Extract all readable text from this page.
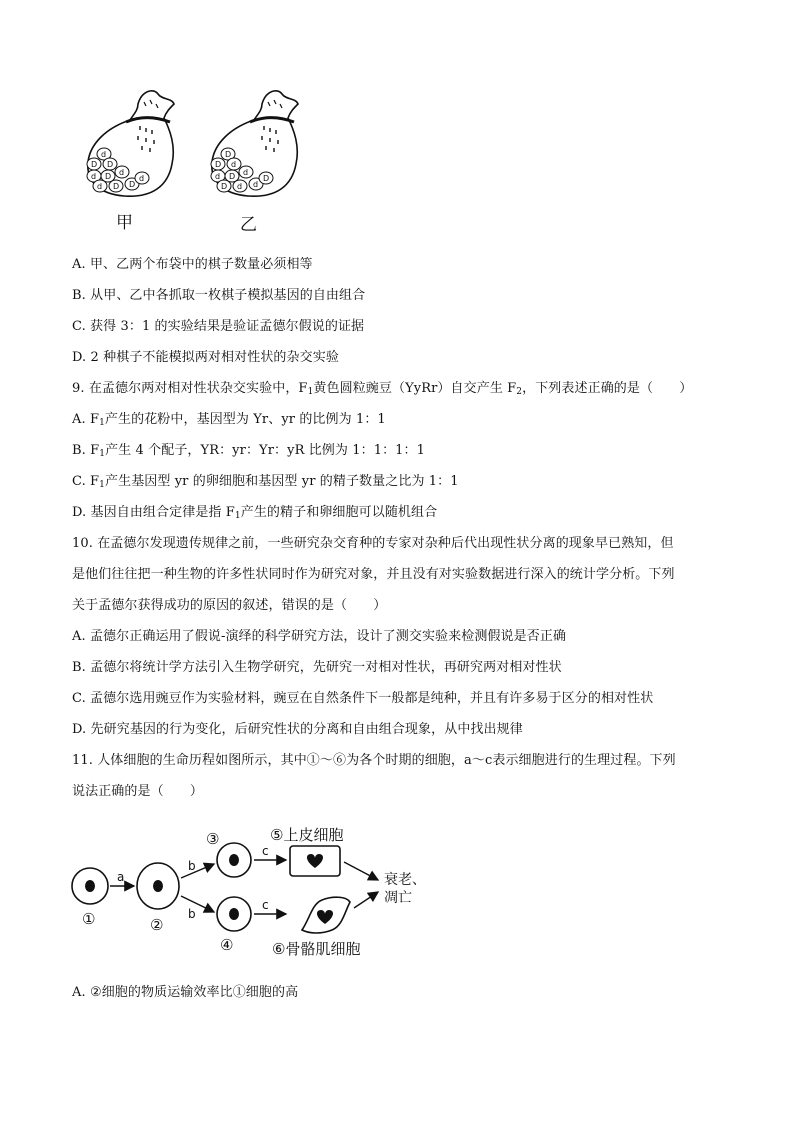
d
D D
d D d
d D D
d
甲
D
D d
d D d
D d d
D
乙
A. 甲、乙两个布袋中的棋子数量必须相等
B. 从甲、乙中各抓取一枚棋子模拟基因的自由组合
C. 获得 3：1 的实验结果是验证孟德尔假说的证据
D. 2 种棋子不能模拟两对相对性状的杂交实验
9. 在孟德尔两对相对性状杂交实验中，$F_1$黄色圆粒豌豆（YyRr）自交产生 $F_2$，下列表述正确的是（　　）
A. $F_1$产生的花粉中，基因型为 Yr、yr 的比例为 1：1
B. $F_1$产生 4 个配子，YR：yr：Yr：yR 比例为 1：1：1：1
C. $F_1$产生基因型 yr 的卵细胞和基因型 yr 的精子数量之比为 1：1
D. 基因自由组合定律是指 $F_1$产生的精子和卵细胞可以随机组合
10. 在孟德尔发现遗传规律之前，一些研究杂交育种的专家对杂种后代出现性状分离的现象早已熟知，但
是他们往往把一种生物的许多性状同时作为研究对象，并且没有对实验数据进行深入的统计学分析。下列
关于孟德尔获得成功的原因的叙述，错误的是（　　）
A. 孟德尔正确运用了假说-演绎的科学研究方法，设计了测交实验来检测假说是否正确
B. 孟德尔将统计学方法引入生物学研究，先研究一对相对性状，再研究两对相对性状
C. 孟德尔选用豌豆作为实验材料，豌豆在自然条件下一般都是纯种，并且有许多易于区分的相对性状
D. 先研究基因的行为变化，后研究性状的分离和自由组合现象，从中找出规律
11. 人体细胞的生命历程如图所示，其中①～⑥为各个时期的细胞，a～c表示细胞进行的生理过程。下列
说法正确的是（　　）
①
a
②
b
b
③
④
c
c
⑤上皮细胞
⑥骨骼肌细胞
衰老、
凋亡
A. ②细胞的物质运输效率比①细胞的高
